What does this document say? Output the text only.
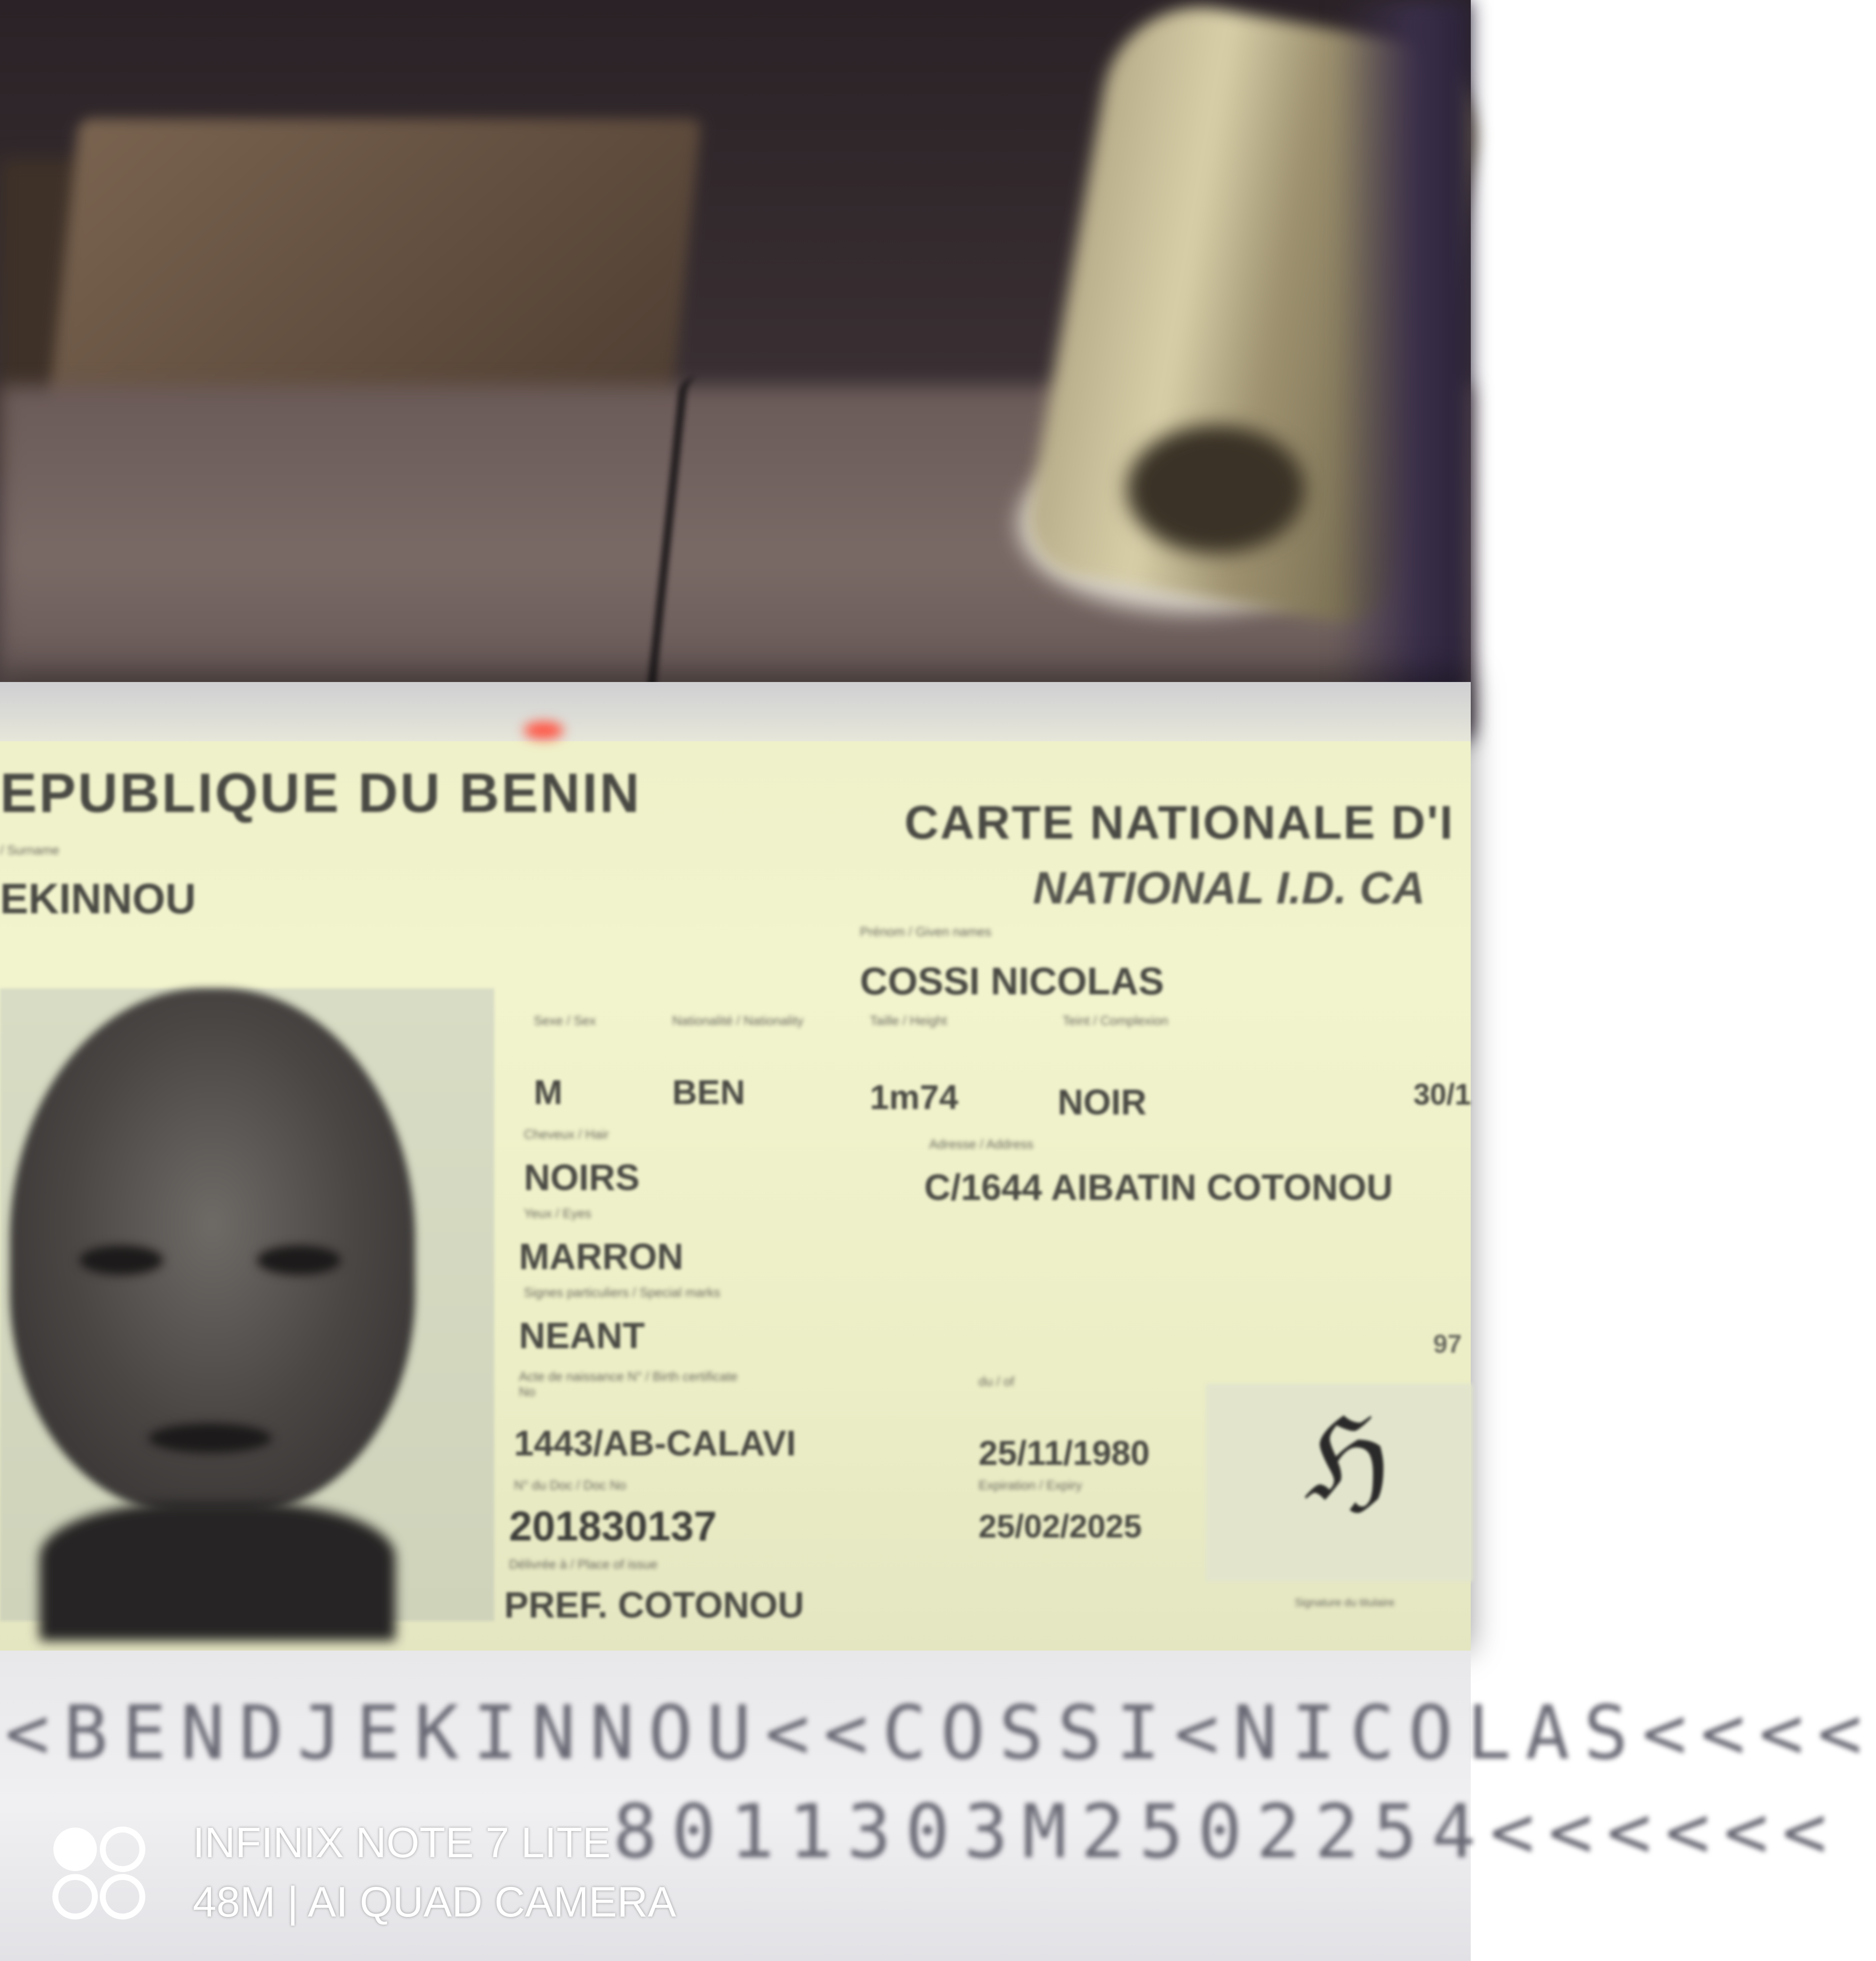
EPUBLIQUE DU BENIN	CARTE NATIONALE D'I
NATIONAL I.D. CA
/ Surname
EKINNOU
Prénom / Given names
COSSI NICOLAS
Sexe / Sex
M
Nationalité / Nationality
BEN
Taille / Height
1m74
Teint / Complexion
NOIR	30/1
Cheveux / Hair
NOIRS
Adresse / Address
C/1644 AIBATIN COTONOU
Yeux / Eyes
MARRON
Signes particuliers / Special marks
NEANT	97
Acte de naissance N° / Birth certificate No
1443/AB-CALAVI
du / of
25/11/1980
N° du Doc / Doc No
201830137
Expiration / Expiry
25/02/2025
Délivrée à / Place of issue
PREF. COTONOU
ℌ
Signature du titulaire
<BENDJEKINNOU<<COSSI<NICOLAS<<<<
8011303M2502254<<<<<<
INFINIX NOTE 7 LITE
48M | AI QUAD CAMERA
